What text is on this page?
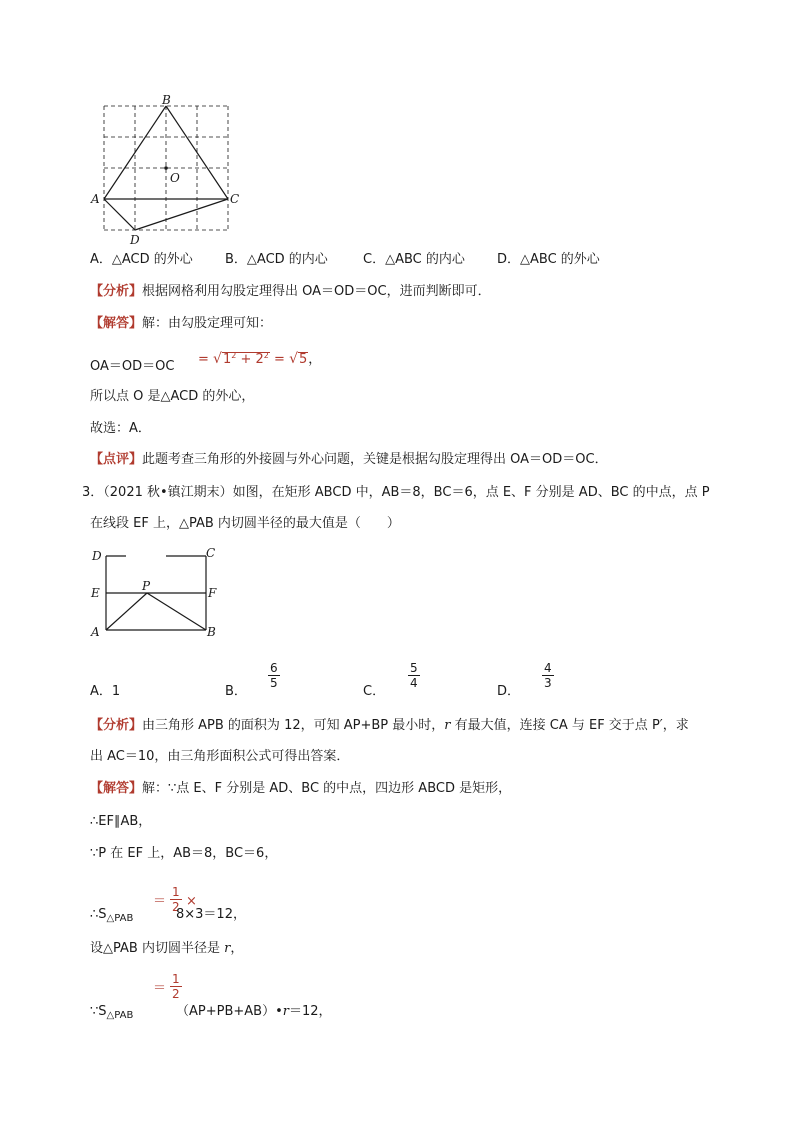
B
O
A	C
D
A．△ACD 的外心 B．△ACD 的内心	C．△ABC 的内心 D．△ABC 的外心
【分析】根据网格利用勾股定理得出 OA＝OD＝OC，进而判断即可．
【解答】解：由勾股定理可知：
$OA=OD=OC = √1^2 + 2^2 = √5$，
所以点 O 是△ACD 的外心，
故选：A．
【点评】此题考查三角形的外接圆与外心问题，关键是根据勾股定理得出 OA＝OD＝OC．
3．（2021 秋•镇江期末）如图，在矩形 ABCD 中，AB＝8，BC＝6，点 E、F 分别是 AD、BC 的中点，点 P
在线段 EF 上，△PAB 内切圆半径的最大值是（　　）
D	C
E	F
P
A	B
A．1	B．
$\frac{6}{5}$
C．
$\frac{5}{4}$
D．
$\frac{4}{3}$
【分析】由三角形 APB 的面积为 12，可知 AP+BP 最小时，r 有最大值，连接 CA 与 EF 交于点 P′，求
出 AC＝10，由三角形面积公式可得出答案．
【解答】解：∵点 E、F 分别是 AD、BC 的中点，四边形 ABCD 是矩形，
∴EF∥AB，
∵P 在 EF 上，AB＝8，BC＝6，
$\therefore S_{\triangle PAB}$
＝ $\frac{1}{2}$ ×
8×3＝12，
设△PAB 内切圆半径是 r，
$\because S_{\triangle PAB}$
＝ $\frac{1}{2}$
（AP+PB+AB）•r＝12，
